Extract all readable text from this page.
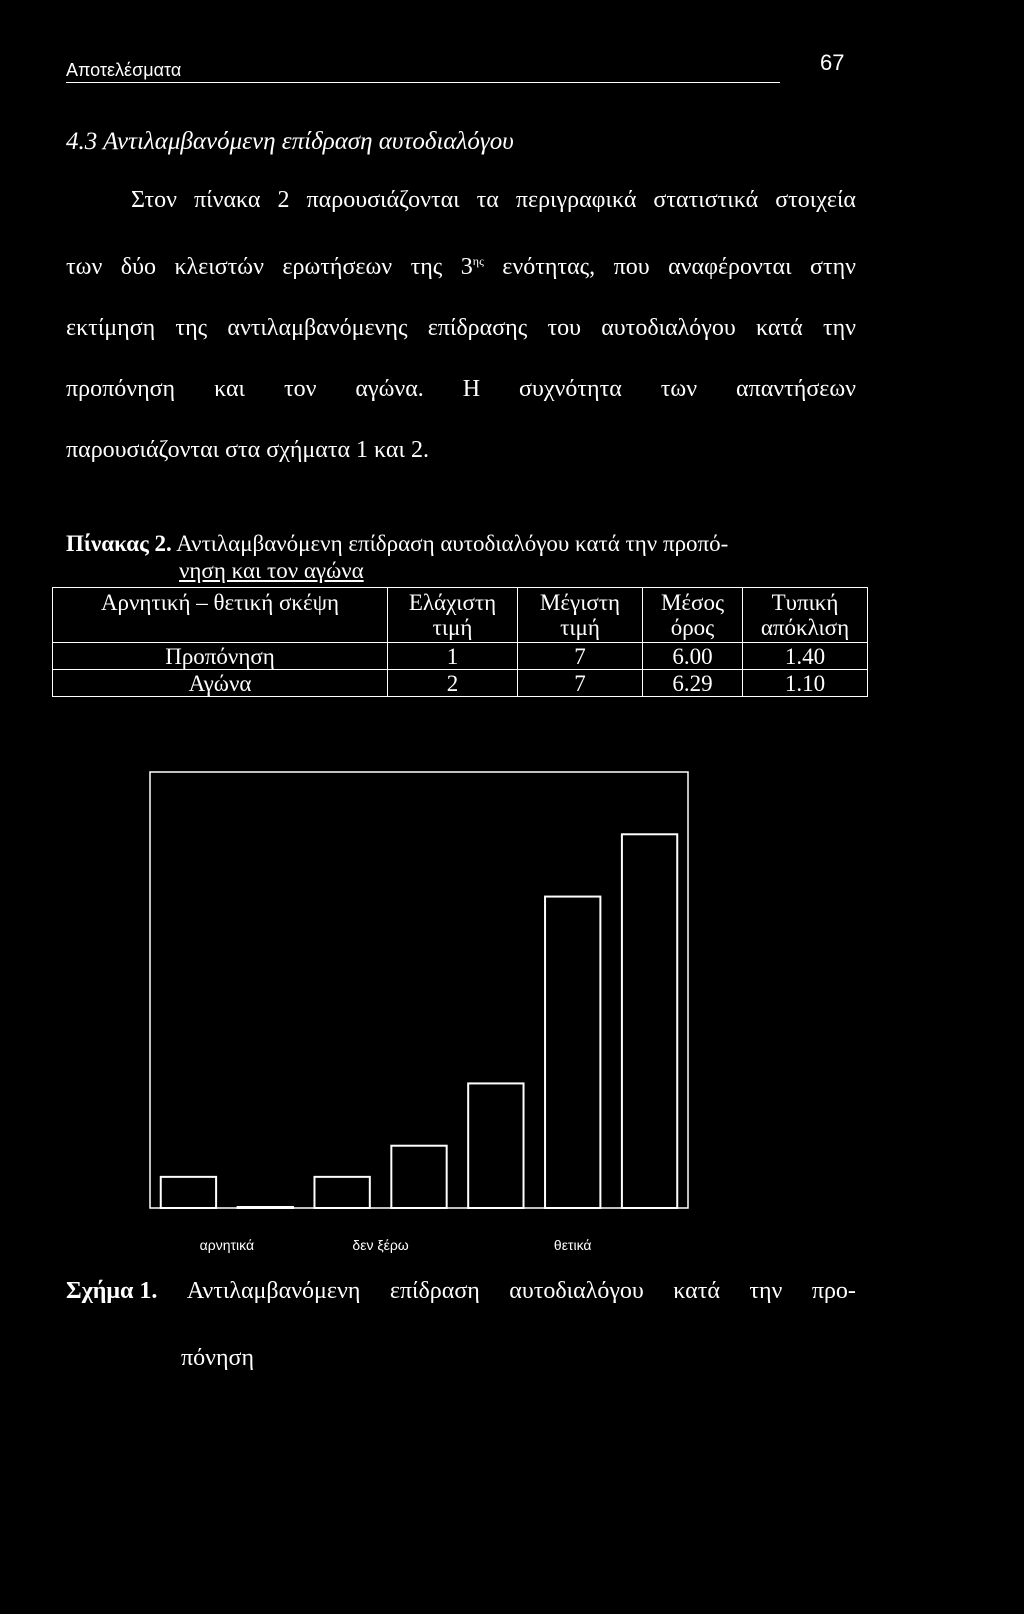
Αποτελέσματα	67
4.3 Αντιλαμβανόμενη επίδραση αυτοδιαλόγου

Στον πίνακα 2 παρουσιάζονται τα περιγραφικά στατιστικά στοιχεία

των δύο κλειστών ερωτήσεων της $3^{\eta\varsigma}$ ενότητας, που αναφέρονται στην

εκτίμηση της αντιλαμβανόμενης επίδρασης του αυτοδιαλόγου κατά την

προπόνηση και τον αγώνα. Η συχνότητα των απαντήσεων

παρουσιάζονται στα σχήματα 1 και 2.

Πίνακας 2. Αντιλαμβανόμενη επίδραση αυτοδιαλόγου κατά την προπό-
νηση και τον αγώνα
Αρνητική – θετική σκέψη	Ελάχιστη τιμή	Μέγιστη τιμή	Μέσος όρος	Τυπική απόκλιση
Προπόνηση	1	7	6.00	1.40
Αγώνα	2	7	6.29	1.10
αρνητικά	δεν ξέρω	θετικά
Σχήμα 1. Αντιλαμβανόμενη επίδραση αυτοδιαλόγου κατά την προ-
πόνηση
